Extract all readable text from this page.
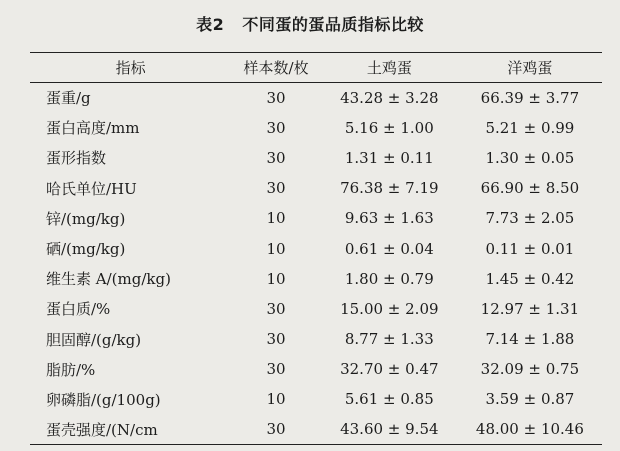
表2 不同蛋的蛋品质指标比较
指标	样本数/枚	土鸡蛋	洋鸡蛋
蛋重/g	30	43.28 ± 3.28	66.39 ± 3.77
蛋白高度/mm	30	5.16 ± 1.00	5.21 ± 0.99
蛋形指数	30	1.31 ± 0.11	1.30 ± 0.05
哈氏单位/HU	30	76.38 ± 7.19	66.90 ± 8.50
锌/(mg/kg)	10	9.63 ± 1.63	7.73 ± 2.05
硒/(mg/kg)	10	0.61 ± 0.04	0.11 ± 0.01
维生素 A/(mg/kg)	10	1.80 ± 0.79	1.45 ± 0.42
蛋白质/%	30	15.00 ± 2.09	12.97 ± 1.31
胆固醇/(g/kg)	30	8.77 ± 1.33	7.14 ± 1.88
脂肪/%	30	32.70 ± 0.47	32.09 ± 0.75
卵磷脂/(g/100g)	10	5.61 ± 0.85	3.59 ± 0.87
蛋壳强度/(N/cm	30	43.60 ± 9.54	48.00 ± 10.46
